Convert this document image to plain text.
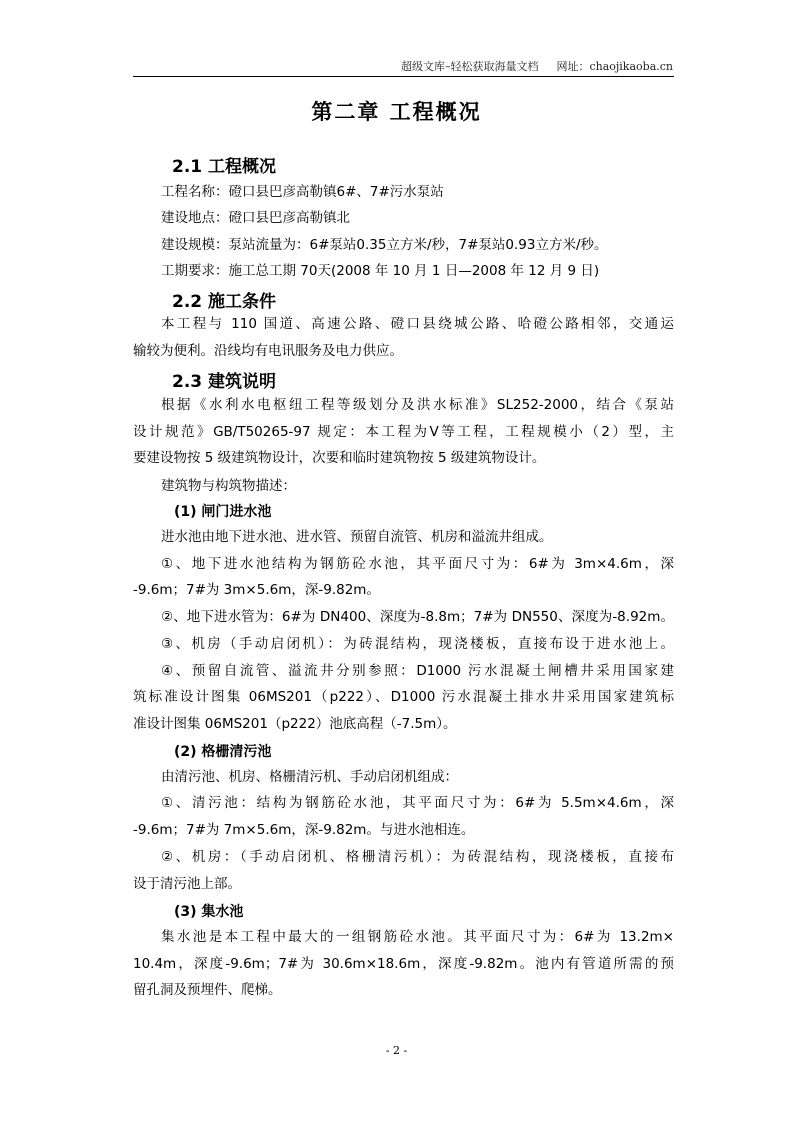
超级文库–轻松获取海量文档 网址：chaojikaoba.cn
第二章 工程概况
2.1 工程概况
工程名称：磴口县巴彦高勒镇6#、7#污水泵站
建设地点：磴口县巴彦高勒镇北
建设规模：泵站流量为：6#泵站0.35立方米/秒，7#泵站0.93立方米/秒。
工期要求：施工总工期 70天(2008 年 10 月 1 日—2008 年 12 月 9 日)
2.2 施工条件
本工程与 110 国道、高速公路、磴口县绕城公路、哈磴公路相邻，交通运
输较为便利。沿线均有电讯服务及电力供应。
2.3 建筑说明
根据《水利水电枢纽工程等级划分及洪水标准》SL252-2000，结合《泵站
设计规范》GB/T50265-97 规定：本工程为Ⅴ等工程，工程规模小（2）型，主
要建设物按 5 级建筑物设计，次要和临时建筑物按 5 级建筑物设计。
建筑物与构筑物描述：
(1) 闸门进水池
进水池由地下进水池、进水管、预留自流管、机房和溢流井组成。
①、地下进水池结构为钢筋砼水池，其平面尺寸为：6#为 3m×4.6m，深
-9.6m；7#为 3m×5.6m，深-9.82m。
②、地下进水管为：6#为 DN400、深度为-8.8m；7#为 DN550、深度为-8.92m。
③、机房（手动启闭机）：为砖混结构，现浇楼板，直接布设于进水池上。
④、预留自流管、溢流井分别参照：D1000 污水混凝土闸槽井采用国家建
筑标准设计图集 06MS201（p222）、D1000 污水混凝土排水井采用国家建筑标
准设计图集 06MS201（p222）池底高程（-7.5m）。
(2) 格栅清污池
由清污池、机房、格栅清污机、手动启闭机组成：
①、清污池：结构为钢筋砼水池，其平面尺寸为：6#为 5.5m×4.6m，深
-9.6m；7#为 7m×5.6m，深-9.82m。与进水池相连。
②、机房：（手动启闭机、格栅清污机）：为砖混结构，现浇楼板，直接布
设于清污池上部。
(3) 集水池
集水池是本工程中最大的一组钢筋砼水池。其平面尺寸为：6#为 13.2m×
10.4m，深度-9.6m；7#为 30.6m×18.6m，深度-9.82m。池内有管道所需的预
留孔洞及预埋件、爬梯。
- 2 -
